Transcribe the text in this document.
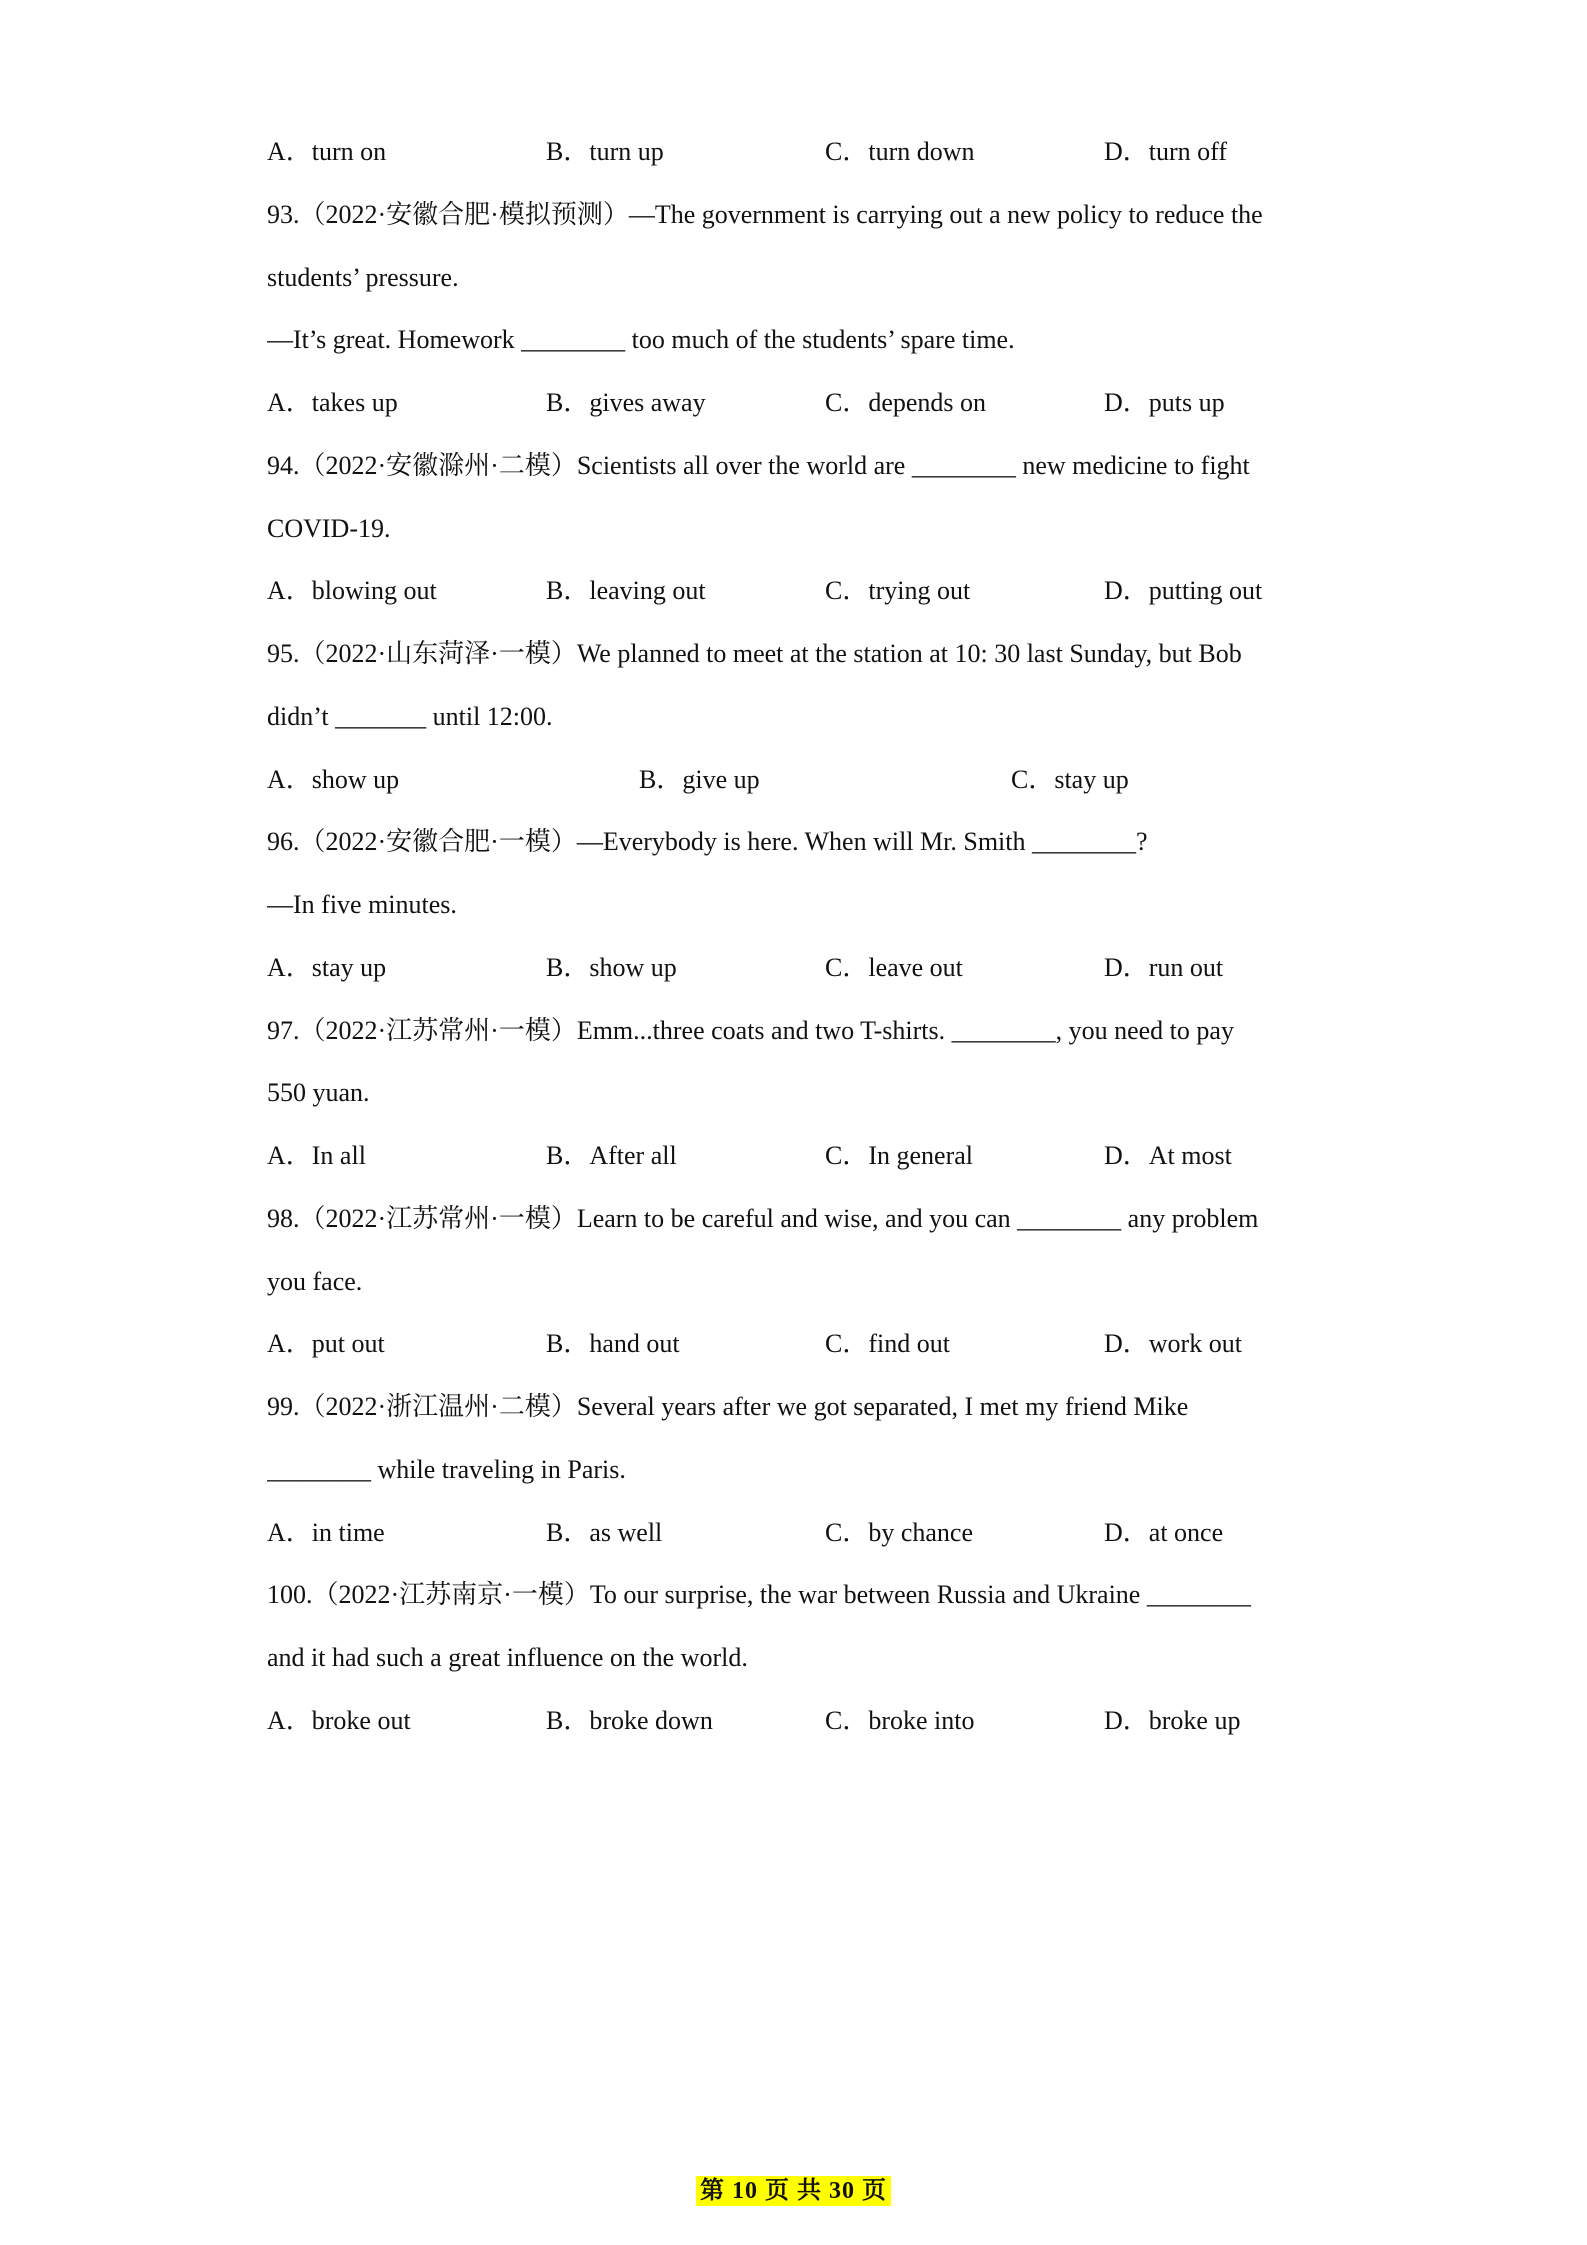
A．turn on	B．turn up	C．turn down	D．turn off
93.（2022·安徽合肥·模拟预测）—The government is carrying out a new policy to reduce the
students’ pressure.
—It’s great. Homework ________ too much of the students’ spare time.
A．takes up	B．gives away	C．depends on	D．puts up
94.（2022·安徽滁州·二模）Scientists all over the world are ________ new medicine to fight
COVID-19.
A．blowing out	B．leaving out	C．trying out	D．putting out
95.（2022·山东菏泽·一模）We planned to meet at the station at 10: 30 last Sunday, but Bob
didn’t _______ until 12:00.
A．show up	B．give up	C．stay up
96.（2022·安徽合肥·一模）—Everybody is here. When will Mr. Smith ________?
—In five minutes.
A．stay up	B．show up	C．leave out	D．run out
97.（2022·江苏常州·一模）Emm...three coats and two T-shirts. ________, you need to pay
550 yuan.
A．In all	B．After all	C．In general	D．At most
98.（2022·江苏常州·一模）Learn to be careful and wise, and you can ________ any problem
you face.
A．put out	B．hand out	C．find out	D．work out
99.（2022·浙江温州·二模）Several years after we got separated, I met my friend Mike
________ while traveling in Paris.
A．in time	B．as well	C．by chance	D．at once
100.（2022·江苏南京·一模）To our surprise, the war between Russia and Ukraine ________
and it had such a great influence on the world.
A．broke out	B．broke down	C．broke into	D．broke up
第 10 页 共 30 页
